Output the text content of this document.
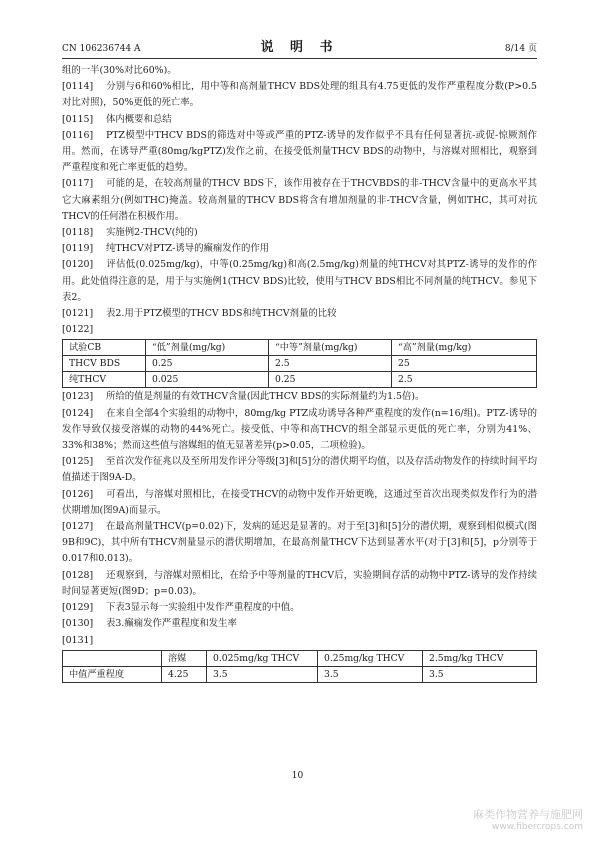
CN 106236744 A	说 明 书	8/14 页

组的一半(30%对比60%)。

[0114] 分别与6和60%相比，用中等和高剂量THCV BDS处理的组具有4.75更低的发作严重程度分数(P>0.5对比对照)，50%更低的死亡率。

[0115] 体内概要和总结

[0116] PTZ模型中THCV BDS的筛选对中等或严重的PTZ-诱导的发作似乎不具有任何显著抗-或促-惊厥剂作用。然而，在诱导严重(80mg/kgPTZ)发作之前，在接受低剂量THCV BDS的动物中，与溶媒对照相比，观察到严重程度和死亡率更低的趋势。

[0117] 可能的是，在较高剂量的THCV BDS下，该作用被存在于THCVBDS的非-THCV含量中的更高水平其它大麻素组分(例如THC)掩盖。较高剂量的THCV BDS将含有增加剂量的非-THCV含量，例如THC，其可对抗THCV的任何潜在积极作用。

[0118] 实施例2-THCV(纯的)

[0119] 纯THCV对PTZ-诱导的癫痫发作的作用

[0120] 评估低(0.025mg/kg)，中等(0.25mg/kg)和高(2.5mg/kg)剂量的纯THCV对其PTZ-诱导的发作的作用。此处值得注意的是，用于与实施例1(THCV BDS)比较，使用与THCV BDS相比不同剂量的纯THCV。参见下表2。

[0121] 表2.用于PTZ模型的THCV BDS和纯THCV剂量的比较

[0122]

试验CB	“低”剂量(mg/kg)	“中等”剂量(mg/kg)	“高”剂量(mg/kg)
THCV BDS	0.25	2.5	25
纯THCV	0.025	0.25	2.5

[0123] 所给的值是剂量的有效THCV含量(因此THCV BDS的实际剂量约为1.5倍)。

[0124] 在来自全部4个实验组的动物中，80mg/kg PTZ成功诱导各种严重程度的发作(n=16/组)。PTZ-诱导的发作导致仅接受溶媒的动物的44%死亡。接受低、中等和高THCV的组全部显示更低的死亡率，分别为41%、33%和38%；然而这些值与溶媒组的值无显著差异(p>0.05，二项检验)。

[0125] 至首次发作征兆以及至所用发作评分等级[3]和[5]分的潜伏期平均值，以及存活动物发作的持续时间平均值描述于图9A-D。

[0126] 可看出，与溶媒对照相比，在接受THCV的动物中发作开始更晚，这通过至首次出现类似发作行为的潜伏期增加(图9A)而显示。

[0127] 在最高剂量THCV(p=0.02)下，发病的延迟是显著的。对于至[3]和[5]分的潜伏期，观察到相似模式(图9B和9C)，其中所有THCV剂量显示的潜伏期增加，在最高剂量THCV下达到显著水平(对于[3]和[5]，p分别等于0.017和0.013)。

[0128] 还观察到，与溶媒对照相比，在给予中等剂量的THCV后，实验期间存活的动物中PTZ-诱导的发作持续时间显著更短(图9D；p=0.03)。

[0129] 下表3显示每一实验组中发作严重程度的中值。

[0130] 表3.癫痫发作严重程度和发生率

[0131]

	溶媒	0.025mg/kg THCV	0.25mg/kg THCV	2.5mg/kg THCV
中值严重程度	4.25	3.5	3.5	3.5
10
麻类作物营养与施肥网
www.fibercrops.com
